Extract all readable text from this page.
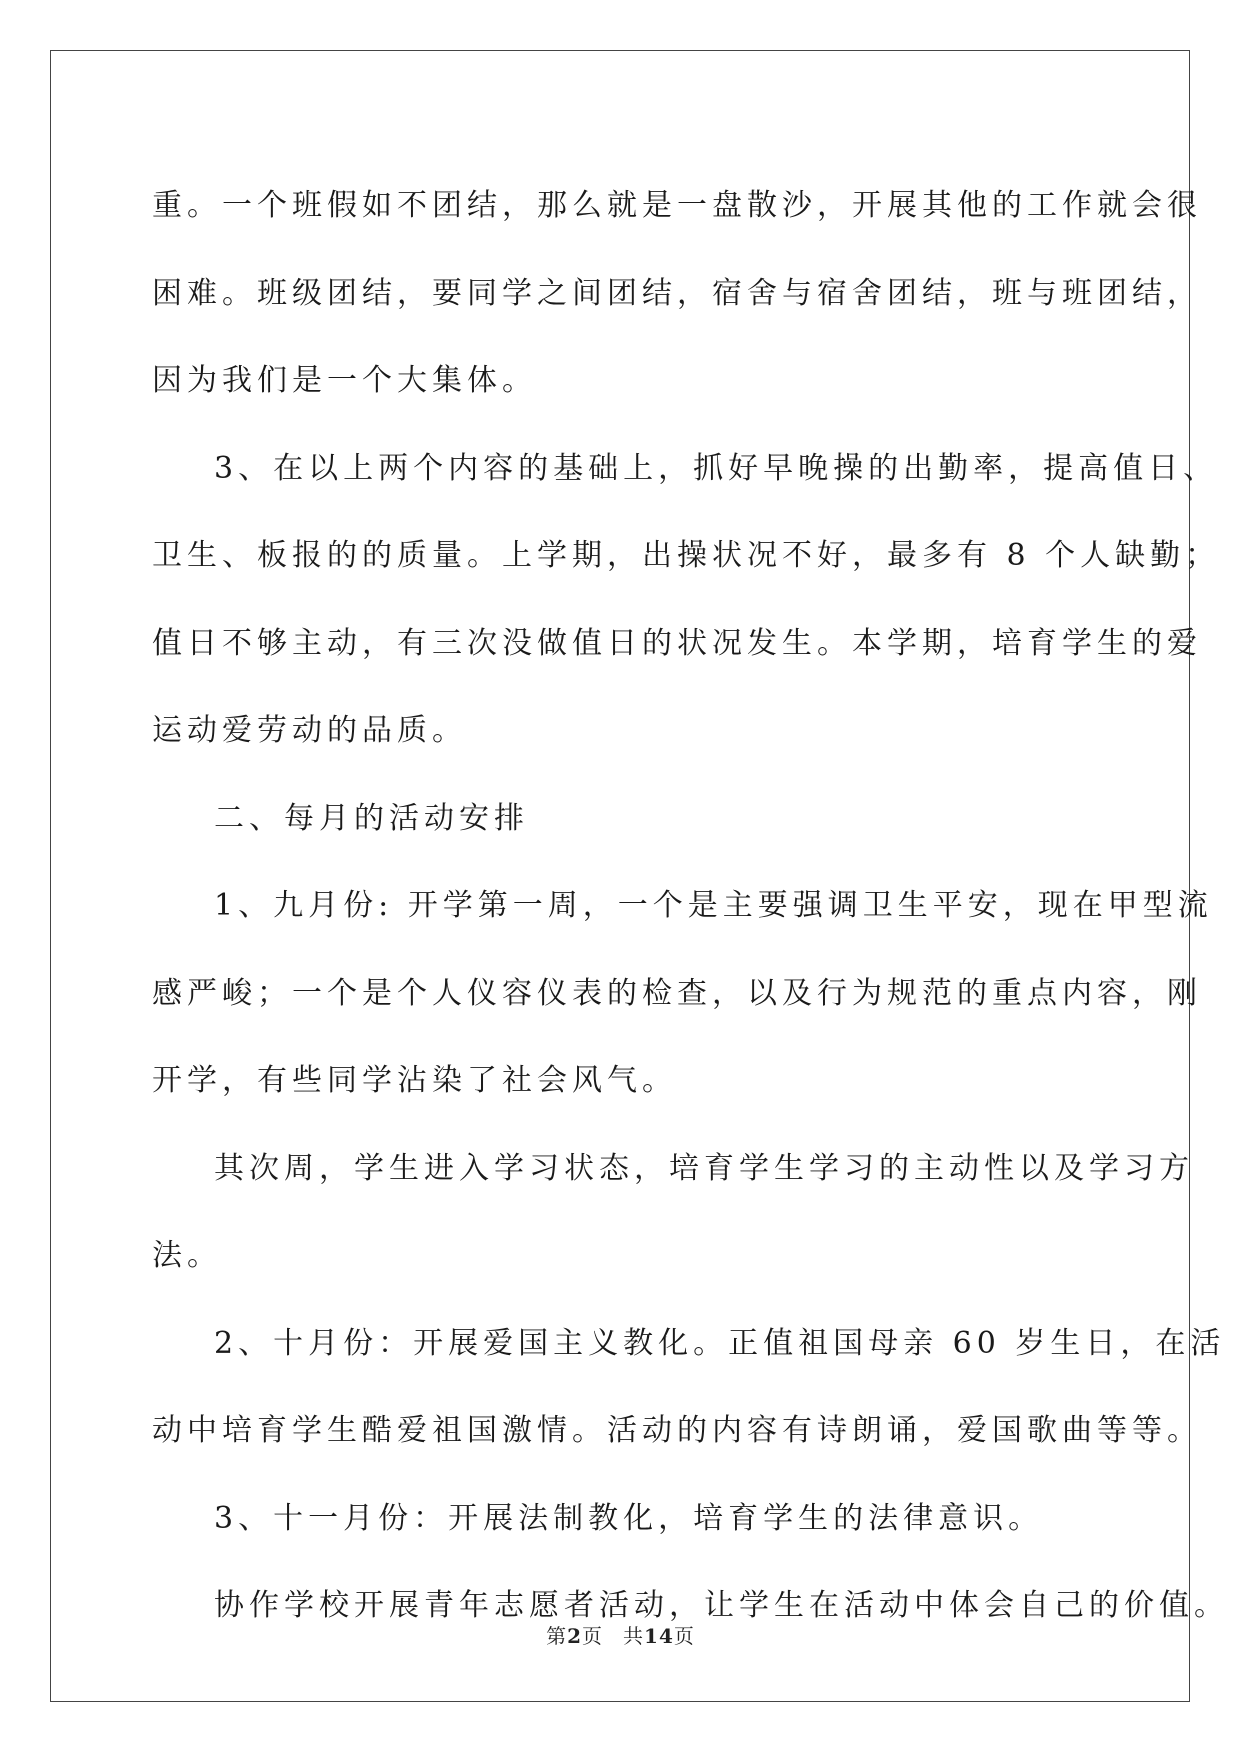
重。一个班假如不团结，那么就是一盘散沙，开展其他的工作就会很
困难。班级团结，要同学之间团结，宿舍与宿舍团结，班与班团结，
因为我们是一个大集体。
3、在以上两个内容的基础上，抓好早晚操的出勤率，提高值日、
卫生、板报的的质量。上学期，出操状况不好，最多有 8 个人缺勤；
值日不够主动，有三次没做值日的状况发生。本学期，培育学生的爱
运动爱劳动的品质。
二、每月的活动安排
1、九月份: 开学第一周，一个是主要强调卫生平安，现在甲型流
感严峻；一个是个人仪容仪表的检查，以及行为规范的重点内容，刚
开学，有些同学沾染了社会风气。
其次周，学生进入学习状态，培育学生学习的主动性以及学习方
法。
2、十月份：开展爱国主义教化。正值祖国母亲 60 岁生日，在活
动中培育学生酷爱祖国激情。活动的内容有诗朗诵，爱国歌曲等等。
3、十一月份：开展法制教化，培育学生的法律意识。
协作学校开展青年志愿者活动，让学生在活动中体会自己的价值。
第2页 共14页
